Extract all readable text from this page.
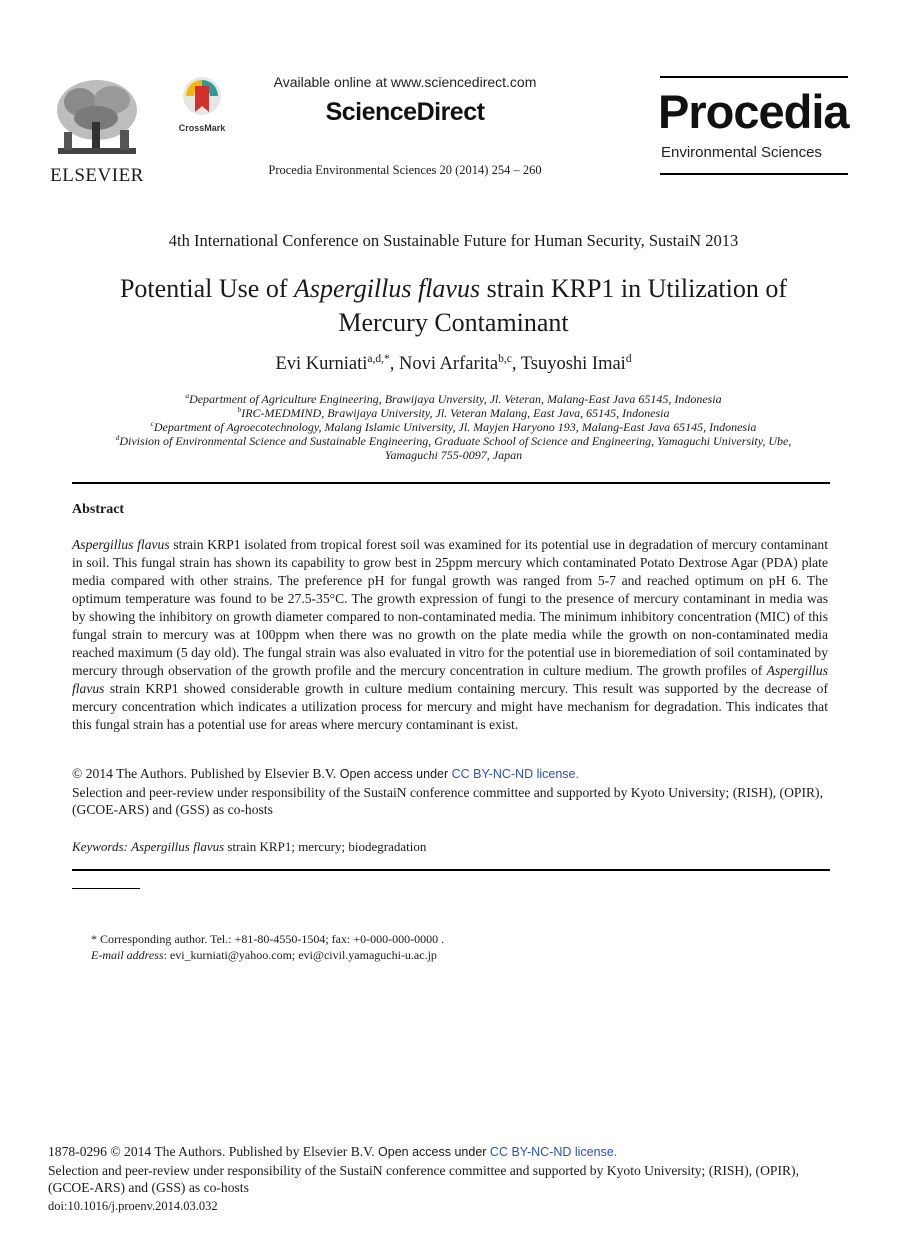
ELSEVIER
CrossMark
Available online at www.sciencedirect.com
ScienceDirect
Procedia Environmental Sciences 20 (2014) 254 – 260
Procedia
Environmental Sciences
4th International Conference on Sustainable Future for Human Security, SustaiN 2013
Potential Use of Aspergillus flavus strain KRP1 in Utilization of
Mercury Contaminant
Evi Kurniati$^{a,d,*}$, Novi Arfarita$^{b,c}$, Tsuyoshi Imai$^d$
$^a$Department of Agriculture Engineering, Brawijaya Unversity, Jl. Veteran, Malang-East Java 65145, Indonesia
$^b$IRC-MEDMIND, Brawijaya University, Jl. Veteran Malang, East Java, 65145, Indonesia
$^c$Department of Agroecotechnology, Malang Islamic University, Jl. Mayjen Haryono 193, Malang-East Java 65145, Indonesia
$^d$Division of Environmental Science and Sustainable Engineering, Graduate School of Science and Engineering, Yamaguchi University, Ube,
Yamaguchi 755-0097, Japan
Abstract
Aspergillus flavus strain KRP1 isolated from tropical forest soil was examined for its potential use in degradation of mercury contaminant in soil. This fungal strain has shown its capability to grow best in 25ppm mercury which contaminated Potato Dextrose Agar (PDA) plate media compared with other strains. The preference pH for fungal growth was ranged from 5-7 and reached optimum on pH 6. The optimum temperature was found to be 27.5-35°C. The growth expression of fungi to the presence of mercury contaminant in media was by showing the inhibitory on growth diameter compared to non-contaminated media. The minimum inhibitory concentration (MIC) of this fungal strain to mercury was at 100ppm when there was no growth on the plate media while the growth on non-contaminated media reached maximum (5 day old). The fungal strain was also evaluated in vitro for the potential use in bioremediation of soil contaminated by mercury through observation of the growth profile and the mercury concentration in culture medium. The growth profiles of Aspergillus flavus strain KRP1 showed considerable growth in culture medium containing mercury. This result was supported by the decrease of mercury concentration which indicates a utilization process for mercury and might have mechanism for degradation. This indicates that this fungal strain has a potential use for areas where mercury contaminant is exist.
© 2014 The Authors. Published by Elsevier B.V. Open access under CC BY-NC-ND license.
Selection and peer-review under responsibility of the SustaiN conference committee and supported by Kyoto University; (RISH), (OPIR), (GCOE-ARS) and (GSS) as co-hosts
Keywords: Aspergillus flavus strain KRP1; mercury; biodegradation
* Corresponding author. Tel.: +81-80-4550-1504; fax: +0-000-000-0000 .
E-mail address: evi_kurniati@yahoo.com; evi@civil.yamaguchi-u.ac.jp
1878-0296 © 2014 The Authors. Published by Elsevier B.V. Open access under CC BY-NC-ND license.
Selection and peer-review under responsibility of the SustaiN conference committee and supported by Kyoto University; (RISH), (OPIR), (GCOE-ARS) and (GSS) as co-hosts
doi:10.1016/j.proenv.2014.03.032
